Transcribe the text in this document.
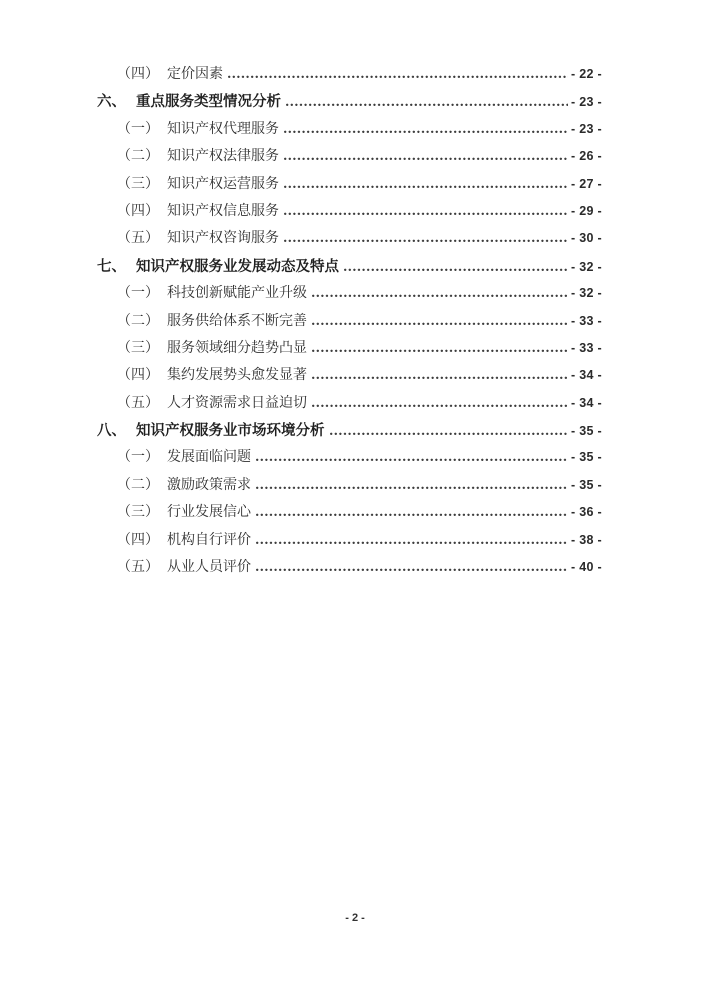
（四） 定价因素	- 22 -
六、 重点服务类型情况分析	- 23 -
（一） 知识产权代理服务	- 23 -
（二） 知识产权法律服务	- 26 -
（三） 知识产权运营服务	- 27 -
（四） 知识产权信息服务	- 29 -
（五） 知识产权咨询服务	- 30 -
七、 知识产权服务业发展动态及特点	- 32 -
（一） 科技创新赋能产业升级	- 32 -
（二） 服务供给体系不断完善	- 33 -
（三） 服务领域细分趋势凸显	- 33 -
（四） 集约发展势头愈发显著	- 34 -
（五） 人才资源需求日益迫切	- 34 -
八、 知识产权服务业市场环境分析	- 35 -
（一） 发展面临问题	- 35 -
（二） 激励政策需求	- 35 -
（三） 行业发展信心	- 36 -
（四） 机构自行评价	- 38 -
（五） 从业人员评价	- 40 -
- 2 -
